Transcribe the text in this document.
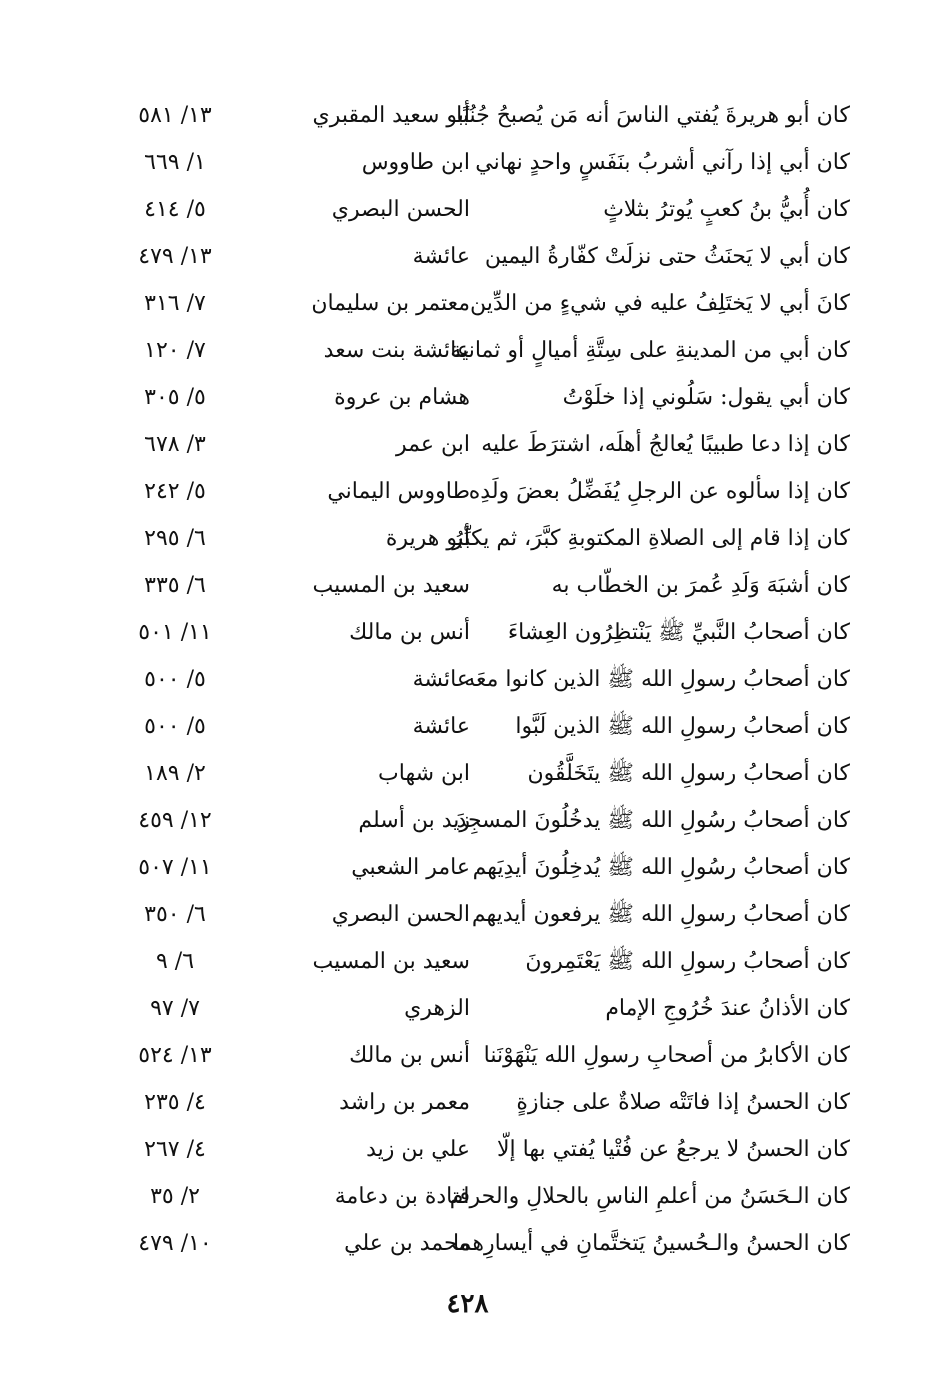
كان أبو هريرةَ يُفتي الناسَ أنه مَن يُصبحُ جُنُبًا
أبو سعيد المقبري
١٣/ ٥٨١
كان أبي إذا رآني أشربُ بنَفَسٍ واحدٍ نهاني
ابن طاووس
١/ ٦٦٩
كان أُبيُّ بنُ كعبٍ يُوترُ بثلاثٍ
الحسن البصري
٥/ ٤١٤
كان أبي لا يَحنَثُ حتى نزلَتْ كفّارةُ اليمين
عائشة
١٣/ ٤٧٩
كانَ أبي لا يَختَلِفُ عليه في شيءٍ من الدِّين
معتمر بن سليمان
٧/ ٣١٦
كان أبي من المدينةِ على سِتَّةِ أميالٍ أو ثمانية
عائشة بنت سعد
٧/ ١٢٠
كان أبي يقول: سَلُوني إذا خلَوْتُ
هشام بن عروة
٥/ ٣٠٥
كان إذا دعا طبيبًا يُعالجُ أهلَه، اشترَطَ عليه
ابن عمر
٣/ ٦٧٨
كان إذا سألوه عن الرجلِ يُفَضِّلُ بعضَ ولَدِه
طاووس اليماني
٥/ ٢٤٢
كان إذا قام إلى الصلاةِ المكتوبةِ كبَّرَ، ثم يكبِّرُ
أبو هريرة
٦/ ٢٩٥
كان أشبَهَ وَلَدِ عُمرَ بن الخطّاب به
سعيد بن المسيب
٦/ ٣٣٥
كان أصحابُ النَّبيِّ ﷺ يَنْتظِرُون العِشاءَ
أنس بن مالك
١١/ ٥٠١
كان أصحابُ رسولِ الله ﷺ الذين كانوا معَه
عائشة
٥/ ٥٠٠
كان أصحابُ رسولِ الله ﷺ الذين لَبَّوا
عائشة
٥/ ٥٠٠
كان أصحابُ رسولِ الله ﷺ يتَخَلَّقُون
ابن شهاب
٢/ ١٨٩
كان أصحابُ رسُولِ الله ﷺ يدخُلُونَ المسجِدَ
زيد بن أسلم
١٢/ ٤٥٩
كان أصحابُ رسُولِ الله ﷺ يُدخِلُونَ أيدِيَهم
عامر الشعبي
١١/ ٥٠٧
كان أصحابُ رسولِ الله ﷺ يرفعون أيديهم
الحسن البصري
٦/ ٣٥٠
كان أصحابُ رسولِ الله ﷺ يَعْتَمِرونَ
سعيد بن المسيب
٦/ ٩
كان الأذانُ عندَ خُرُوجِ الإمام
الزهري
٧/ ٩٧
كان الأكابرُ من أصحابِ رسولِ الله يَنْهَوْنَنا
أنس بن مالك
١٣/ ٥٢٤
كان الحسنُ إذا فاتَتْه صلاةٌ على جنازةٍ
معمر بن راشد
٤/ ٢٣٥
كان الحسنُ لا يرجعُ عن فُتْيا يُفتي بها إلّا
علي بن زيد
٤/ ٢٦٧
كان الـحَسَنُ من أعلمِ الناسِ بالحلالِ والحرام
قتادة بن دعامة
٢/ ٣٥
كان الحسنُ والـحُسينُ يَتختَّمانِ في أيسارِهما
محمد بن علي
١٠/ ٤٧٩
٤٢٨
